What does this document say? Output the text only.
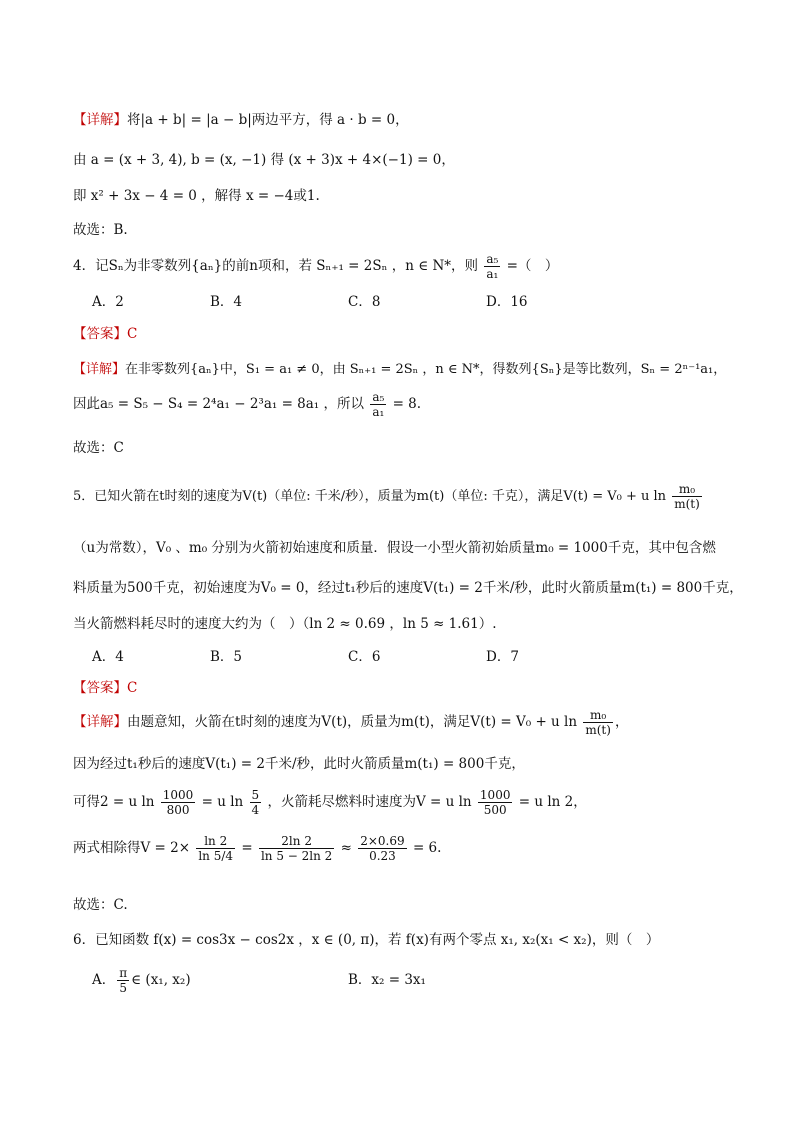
【详解】将|a + b| = |a − b|两边平方，得 a · b = 0，
由 a = (x + 3, 4), b = (x, −1) 得 (x + 3)x + 4×(−1) = 0，
即 x² + 3x − 4 = 0 ，解得 x = −4或1.
故选：B.
4．记Sₙ为非零数列{aₙ}的前n项和，若 Sₙ₊₁ = 2Sₙ ，n ∈ N*，则 $\frac{\text{a₅}}{\text{a₁}}$ =（　）
A．2	B．4	C．8	D．16
【答案】C
【详解】在非零数列{aₙ}中，S₁ = a₁ ≠ 0，由 Sₙ₊₁ = 2Sₙ ，n ∈ N*，得数列{Sₙ}是等比数列，Sₙ = 2ⁿ⁻¹a₁，
因此a₅ = S₅ − S₄ = 2⁴a₁ − 2³a₁ = 8a₁ ，所以 $\frac{\text{a₅}}{\text{a₁}} = 8$.
故选：C
5．已知火箭在t时刻的速度为V(t)（单位: 千米/秒），质量为m(t)（单位: 千克），满足V(t) = V₀ + u $\ln \frac{\text{m₀}}{m(t)}$
（u为常数），V₀ 、m₀ 分别为火箭初始速度和质量．假设一小型火箭初始质量m₀ = 1000千克，其中包含燃
料质量为500千克，初始速度为V₀ = 0，经过t₁秒后的速度V(t₁) = 2千米/秒，此时火箭质量m(t₁) = 800千克，
当火箭燃料耗尽时的速度大约为（　）（ln 2 ≈ 0.69 ，ln 5 ≈ 1.61）.
A．4	B．5	C．6	D．7
【答案】C
【详解】由题意知，火箭在t时刻的速度为V(t)，质量为m(t)，满足V(t) = V₀ + u $\ln \frac{\text{m₀}}{m(t)}$ ，
因为经过t₁秒后的速度V(t₁) = 2千米/秒，此时火箭质量m(t₁) = 800千克，
可得2 = u $\ln \frac{1000}{800} = u$ $\ln \frac{5}{4}$ ，火箭耗尽燃料时速度为V = u $\ln \frac{1000}{500} = u$ ln 2，
两式相除得$V = 2\times \frac{\ln 2}{\ln 5/4} = \frac{2\ln 2}{\ln 5 - 2\ln 2} \approx \frac{2\times 0.69}{0.23} = 6$.
故选：C.
6．已知函数 f(x) = cos3x − cos2x ，x ∈ (0, π)，若 f(x)有两个零点 x₁, x₂(x₁ < x₂)，则（　）
A． $\frac{\pi}{5}$ ∈ (x₁, x₂)	B．x₂ = 3x₁
